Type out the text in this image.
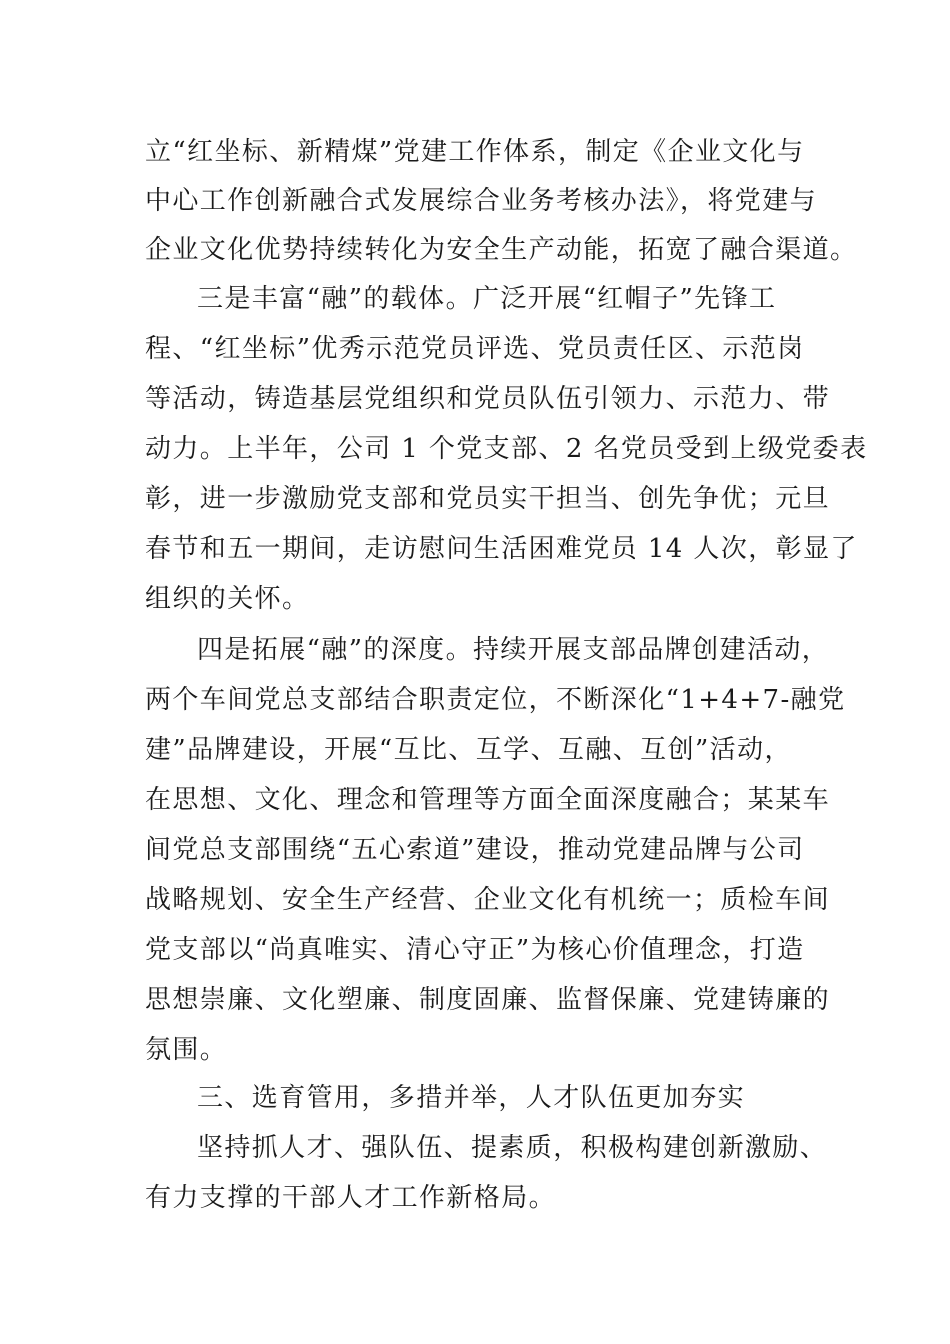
立“红坐标、新精煤”党建工作体系，制定《企业文化与

中心工作创新融合式发展综合业务考核办法》，将党建与

企业文化优势持续转化为安全生产动能，拓宽了融合渠道。

三是丰富“融”的载体。广泛开展“红帽子”先锋工

程、“红坐标”优秀示范党员评选、党员责任区、示范岗

等活动，铸造基层党组织和党员队伍引领力、示范力、带

动力。上半年，公司 1 个党支部、2 名党员受到上级党委表

彰，进一步激励党支部和党员实干担当、创先争优；元旦

春节和五一期间，走访慰问生活困难党员 14 人次，彰显了

组织的关怀。

四是拓展“融”的深度。持续开展支部品牌创建活动，

两个车间党总支部结合职责定位，不断深化“1+4+7-融党

建”品牌建设，开展“互比、互学、互融、互创”活动，

在思想、文化、理念和管理等方面全面深度融合；某某车

间党总支部围绕“五心索道”建设，推动党建品牌与公司

战略规划、安全生产经营、企业文化有机统一；质检车间

党支部以“尚真唯实、清心守正”为核心价值理念，打造

思想崇廉、文化塑廉、制度固廉、监督保廉、党建铸廉的

氛围。

三、选育管用，多措并举，人才队伍更加夯实

坚持抓人才、强队伍、提素质，积极构建创新激励、

有力支撑的干部人才工作新格局。
